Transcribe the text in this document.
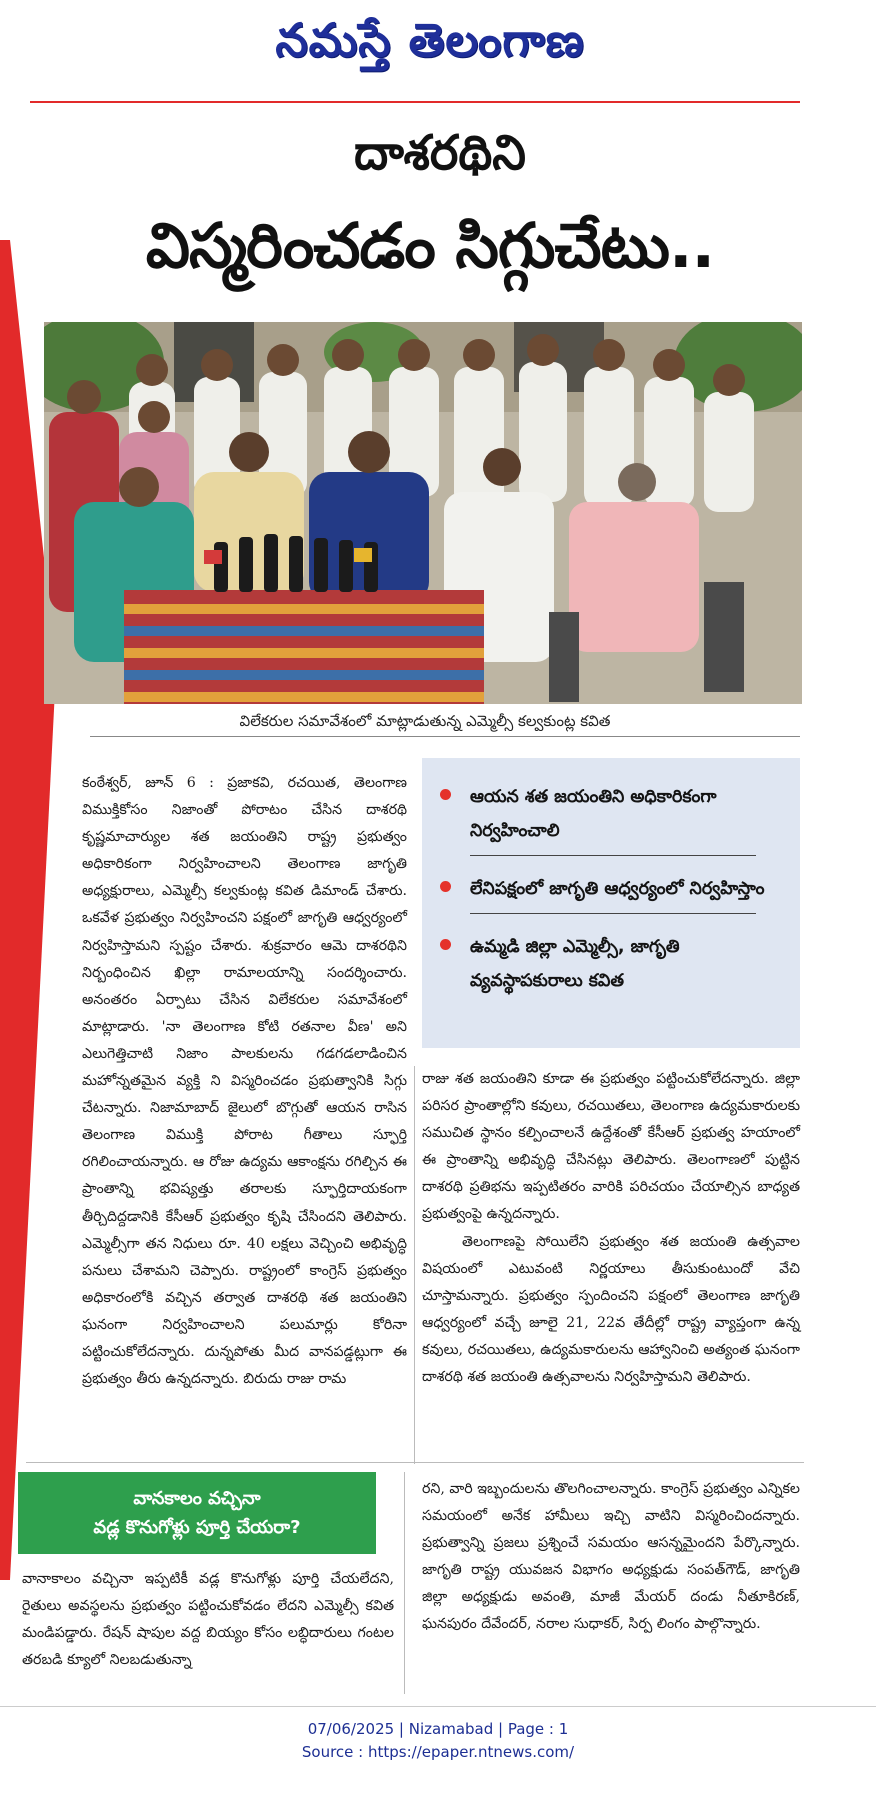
నమస్తే తెలంగాణ
దాశరథిని
విస్మరించడం సిగ్గుచేటు..
విలేకరుల సమావేశంలో మాట్లాడుతున్న ఎమ్మెల్సీ కల్వకుంట్ల కవిత

కంఠేశ్వర్, జూన్ 6 : ప్రజాకవి, రచయిత, తెలంగాణ విముక్తికోసం నిజాంతో పోరాటం చేసిన దాశరథి కృష్ణమాచార్యుల శత జయంతిని రాష్ట్ర ప్రభుత్వం అధికారికంగా నిర్వహించాలని తెలంగాణ జాగృతి అధ్యక్షురాలు, ఎమ్మెల్సీ కల్వకుంట్ల కవిత డిమాండ్ చేశారు. ఒకవేళ ప్రభుత్వం నిర్వహించని పక్షంలో జాగృతి ఆధ్వర్యంలో నిర్వహిస్తామని స్పష్టం చేశారు. శుక్రవారం ఆమె దాశరథిని నిర్బంధించిన ఖిల్లా రామాలయాన్ని సందర్శించారు. అనంతరం ఏర్పాటు చేసిన విలేకరుల సమావేశంలో మాట్లాడారు. 'నా తెలంగాణ కోటి రతనాల వీణ' అని ఎలుగెత్తిచాటి నిజాం పాలకులను గడగడలాడించిన మహోన్నతమైన వ్యక్తి ని విస్మరించడం ప్రభుత్వానికి సిగ్గు చేటన్నారు. నిజామాబాద్ జైలులో బొగ్గుతో ఆయన రాసిన తెలంగాణ విముక్తి పోరాట గీతాలు స్ఫూర్తి రగిలించాయన్నారు. ఆ రోజు ఉద్యమ ఆకాంక్షను రగిల్చిన ఈ ప్రాంతాన్ని భవిష్యత్తు తరాలకు స్ఫూర్తిదాయకంగా తీర్చిదిద్దడానికి కేసీఆర్ ప్రభుత్వం కృషి చేసిందని తెలిపారు. ఎమ్మెల్సీగా తన నిధులు రూ. 40 లక్షలు వెచ్చించి అభివృద్ధి పనులు చేశామని చెప్పారు. రాష్ట్రంలో కాంగ్రెస్ ప్రభుత్వం అధికారంలోకి వచ్చిన తర్వాత దాశరథి శత జయంతిని ఘనంగా నిర్వహించాలని పలుమార్లు కోరినా పట్టించుకోలేదన్నారు. దున్నపోతు మీద వానపడ్డట్లుగా ఈ ప్రభుత్వం తీరు ఉన్నదన్నారు. బిరుదు రాజు రామ

ఆయన శత జయంతిని అధికారికంగా నిర్వహించాలి
లేనిపక్షంలో జాగృతి ఆధ్వర్యంలో నిర్వహిస్తాం
ఉమ్మడి జిల్లా ఎమ్మెల్సీ, జాగృతి వ్యవస్థాపకురాలు కవిత

రాజు శత జయంతిని కూడా ఈ ప్రభుత్వం పట్టించుకోలేదన్నారు. జిల్లా పరిసర ప్రాంతాల్లోని కవులు, రచయితలు, తెలంగాణ ఉద్యమకారులకు సముచిత స్థానం కల్పించాలనే ఉద్దేశంతో కేసీఆర్ ప్రభుత్వ హయాంలో ఈ ప్రాంతాన్ని అభివృద్ధి చేసినట్లు తెలిపారు. తెలంగాణలో పుట్టిన దాశరథి ప్రతిభను ఇప్పటితరం వారికి పరిచయం చేయాల్సిన బాధ్యత ప్రభుత్వంపై ఉన్నదన్నారు.

తెలంగాణపై సోయిలేని ప్రభుత్వం శత జయంతి ఉత్సవాల విషయంలో ఎటువంటి నిర్ణయాలు తీసుకుంటుందో వేచి చూస్తామన్నారు. ప్రభుత్వం స్పందించని పక్షంలో తెలంగాణ జాగృతి ఆధ్వర్యంలో వచ్చే జూలై 21, 22వ తేదీల్లో రాష్ట్ర వ్యాప్తంగా ఉన్న కవులు, రచయితలు, ఉద్యమకారులను ఆహ్వానించి అత్యంత ఘనంగా దాశరథి శత జయంతి ఉత్సవాలను నిర్వహిస్తామని తెలిపారు.

వానకాలం వచ్చినా
వడ్ల కొనుగోళ్లు పూర్తి చేయరా?

వానాకాలం వచ్చినా ఇప్పటికీ వడ్ల కొనుగోళ్లు పూర్తి చేయలేదని, రైతులు అవస్థలను ప్రభుత్వం పట్టించుకోవడం లేదని ఎమ్మెల్సీ కవిత మండిపడ్డారు. రేషన్ షాపుల వద్ద బియ్యం కోసం లబ్ధిదారులు గంటల తరబడి క్యూలో నిలబడుతున్నా

రని, వారి ఇబ్బందులను తొలగించాలన్నారు. కాంగ్రెస్ ప్రభుత్వం ఎన్నికల సమయంలో అనేక హామీలు ఇచ్చి వాటిని విస్మరించిందన్నారు. ప్రభుత్వాన్ని ప్రజలు ప్రశ్నించే సమయం ఆసన్నమైందని పేర్కొన్నారు. జాగృతి రాష్ట్ర యువజన విభాగం అధ్యక్షుడు సంపత్‌గౌడ్, జాగృతి జిల్లా అధ్యక్షుడు అవంతి, మాజీ మేయర్ దండు నీతూకిరణ్, ఘనపురం దేవేందర్, నరాల సుధాకర్, సిర్ప లింగం పాల్గొన్నారు.

07/06/2025 | Nizamabad | Page : 1
Source : https://epaper.ntnews.com/
